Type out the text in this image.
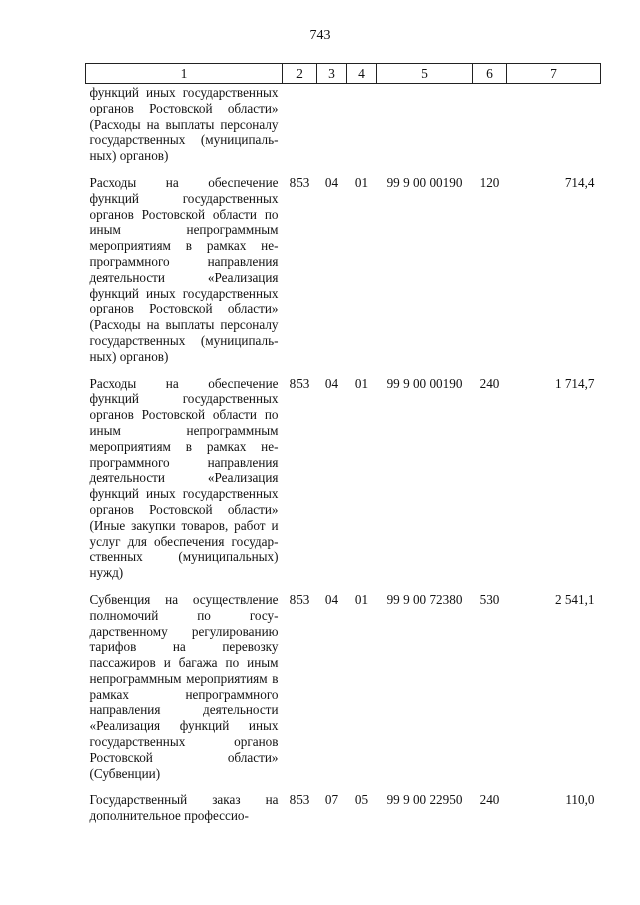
743
1	2	3	4	5	6	7
функций иных государственных органов Ростовской области» (Расходы на выплаты персоналу государственных (муниципальных) органов)						
Расходы на обеспечение функций государственных органов Ростовской области по иным непрограммным мероприятиям в рамках непрограммного направления деятельности «Реализация функций иных государственных органов Ростовской области» (Расходы на выплаты персоналу государственных (муниципальных) органов)	853	04	01	99 9 00 00190	120	714,4
Расходы на обеспечение функций государственных органов Ростовской области по иным непрограммным мероприятиям в рамках непрограммного направления деятельности «Реализация функций иных государственных органов Ростовской области» (Иные закупки товаров, работ и услуг для обеспечения государственных (муниципальных) нужд)	853	04	01	99 9 00 00190	240	1 714,7
Субвенция на осуществление полномочий по государственному регулированию тарифов на перевозку пассажиров и багажа по иным непрограммным мероприятиям в рамках непрограммного направления деятельности «Реализация функций иных государственных органов Ростовской области» (Субвенции)	853	04	01	99 9 00 72380	530	2 541,1
Государственный заказ на дополнительное профессио-	853	07	05	99 9 00 22950	240	110,0
